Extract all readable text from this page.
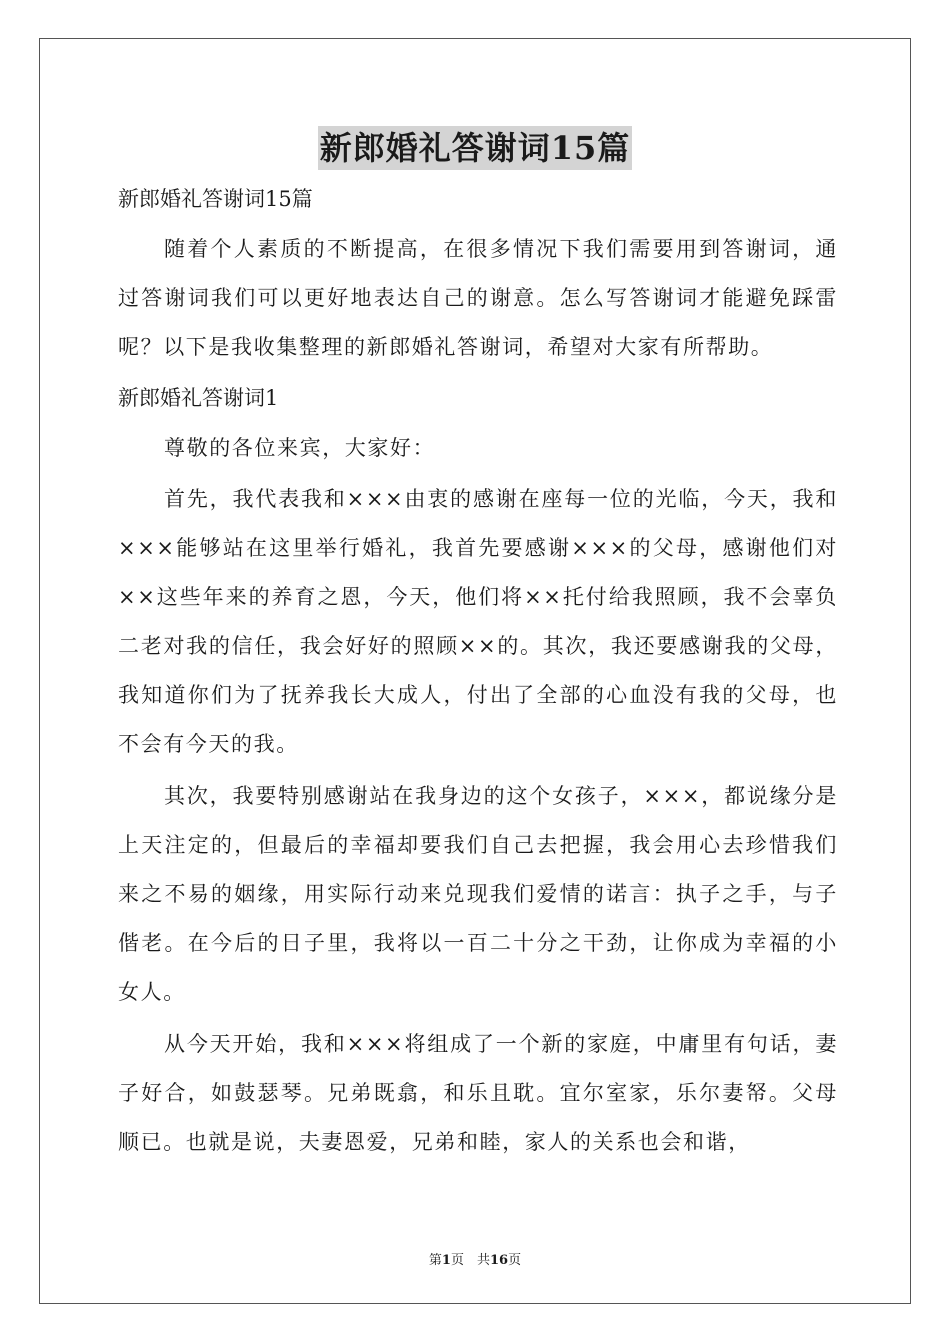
新郎婚礼答谢词15篇

新郎婚礼答谢词15篇

随着个人素质的不断提高，在很多情况下我们需要用到答谢词，通过答谢词我们可以更好地表达自己的谢意。怎么写答谢词才能避免踩雷呢？以下是我收集整理的新郎婚礼答谢词，希望对大家有所帮助。

新郎婚礼答谢词1

尊敬的各位来宾，大家好：

首先，我代表我和×××由衷的感谢在座每一位的光临，今天，我和×××能够站在这里举行婚礼，我首先要感谢×××的父母，感谢他们对××这些年来的养育之恩，今天，他们将××托付给我照顾，我不会辜负二老对我的信任，我会好好的照顾××的。其次，我还要感谢我的父母，我知道你们为了抚养我长大成人，付出了全部的心血没有我的父母，也不会有今天的我。

其次，我要特别感谢站在我身边的这个女孩子，×××，都说缘分是上天注定的，但最后的幸福却要我们自己去把握，我会用心去珍惜我们来之不易的姻缘，用实际行动来兑现我们爱情的诺言：执子之手，与子偕老。在今后的日子里，我将以一百二十分之干劲，让你成为幸福的小女人。

从今天开始，我和×××将组成了一个新的家庭，中庸里有句话，妻子好合，如鼓瑟琴。兄弟既翕，和乐且耽。宜尔室家，乐尔妻帑。父母顺已。也就是说，夫妻恩爱，兄弟和睦，家人的关系也会和谐，

第1页　共16页
